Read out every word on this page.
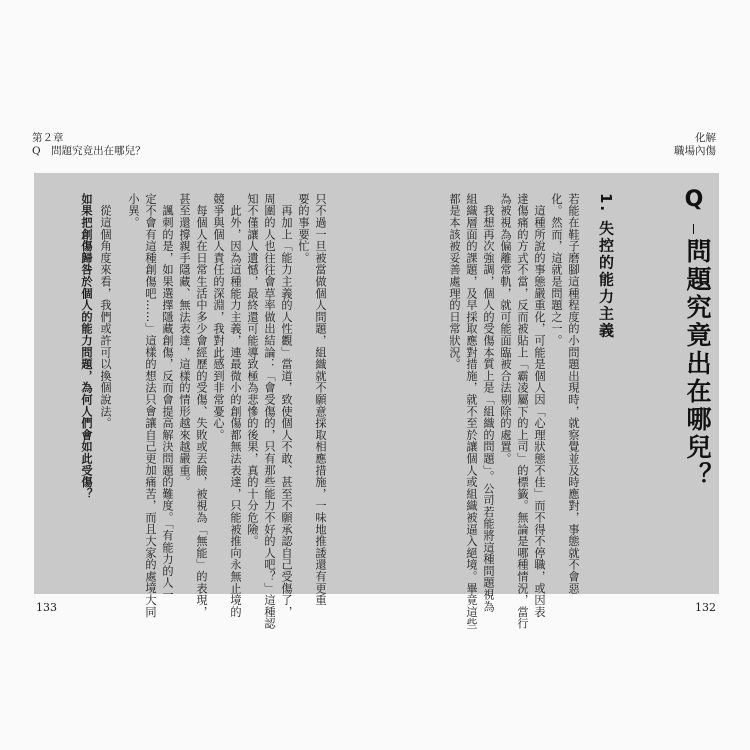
第２章
Q　問題究竟出在哪兒？
化解
職場內傷
Q
問題究竟出在哪兒？
1. 失控的能力主義
若能在鞋子磨腳這種程度的小問題出現時，就察覺並及時應對，事態就不會惡
化。然而，這就是問題之一。
　這種所說的事態嚴重化，可能是個人因「心理狀態不佳」而不得不停職，或因表
達傷痛的方式不當，反而被貼上「霸凌屬下的上司」的標籤。無論是哪種情況，當行
為被視為偏離常軌，就可能面臨被合法剔除的處置。
　我想再次強調，個人的受傷本質上是「組織的問題」。公司若能將這種問題視為
組織層面的課題，及早採取應對措施，就不至於讓個人或組織被逼入絕境。畢竟這些
都是本該被妥善處理的日常狀況。
只不過一旦被當做個人問題，組織就不願意採取相應措施，一味地推諉還有更重
要的事要忙。
　再加上「能力主義的人性觀」當道，致使個人不敢、甚至不願承認自己受傷了，
周圍的人也往往會草率做出結論：「會受傷的，只有那些能力不好的人吧？」這種認
知不僅讓人遺憾，最終還可能導致極為悲慘的後果，真的十分危險。
　此外，因為這種能力主義，連最微小的創傷都無法表達，只能被推向永無止境的
競爭與個人責任的深淵，我對此感到非常憂心。
　每個人在日常生活中多少會經歷的受傷、失敗或丟臉，被視為「無能」的表現，
甚至還撐親手隱藏、無法表達，這樣的情形越來越嚴重。
　諷刺的是，如果選擇隱藏創傷，反而會提高解決問題的難度。「有能力的人一
定不會有這種創傷吧……」這樣的想法只會讓自己更加痛苦，而且大家的處境大同
小異。
　從這個角度來看，我們或許可以換個說法。
如果把創傷歸咎於個人的能力問題，為何人們會如此受傷？
133	132
